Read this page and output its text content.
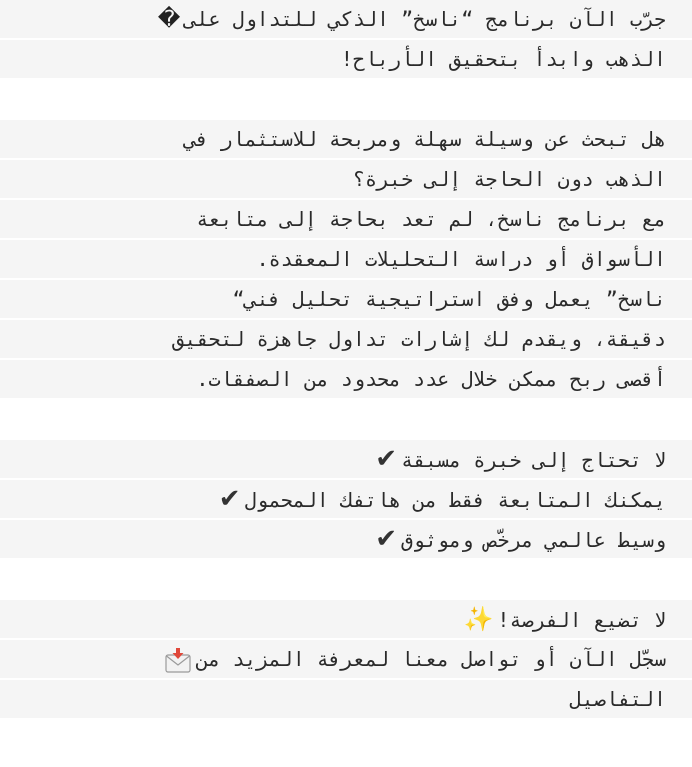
جرّب الآن برنامج “ناسخ” الذكي للتداول على�
الذهب وابدأ بتحقيق الأرباح!
هل تبحث عن وسيلة سهلة ومربحة للاستثمار في
الذهب دون الحاجة إلى خبرة؟
مع برنامج ناسخ، لم تعد بحاجة إلى متابعة
الأسواق أو دراسة التحليلات المعقدة.
ناسخ” يعمل وفق استراتيجية تحليل فني“
دقيقة، ويقدم لك إشارات تداول جاهزة لتحقيق
أقصى ربح ممكن خلال عدد محدود من الصفقات.
لا تحتاج إلى خبرة مسبقة✔
يمكنك المتابعة فقط من هاتفك المحمول✔
وسيط عالمي مرخّص وموثوق✔
لا تضيع الفرصة!✨
سجّل الآن أو تواصل معنا لمعرفة المزيد من
التفاصيل
